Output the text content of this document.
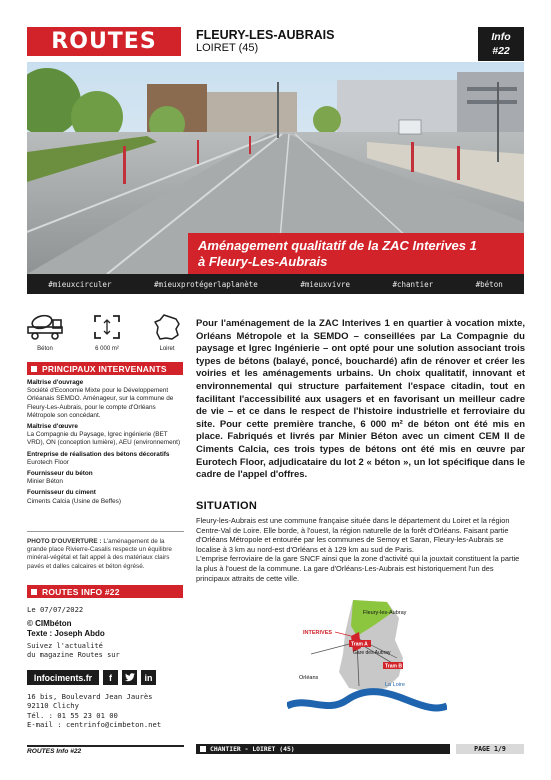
ROUTES	FLEURY-LES-AUBRAIS
LOIRET (45)
Info
#22
Aménagement qualitatif de la ZAC Interives 1
à Fleury-Les-Aubrais
#mieuxcirculer	#mieuxprotégerlaplanète	#mieuxvivre	#chantier	#béton
Béton	6 000 m²	Loiret
PRINCIPAUX INTERVENANTS
Maîtrise d'ouvrage
Société d'Economie Mixte pour le Développement Orléanais SEMDO. Aménageur, sur la commune de Fleury-Les-Aubrais, pour le compte d'Orléans Métropole son concédant.
Maîtrise d'œuvre
La Compagnie du Paysage, Igrec ingénierie (BET VRD), ON (conception lumière), AEU (environnement)
Entreprise de réalisation des bétons décoratifs
Eurotech Floor
Fournisseur du béton
Minier Béton
Fournisseur du ciment
Ciments Calcia (Usine de Beffes)
PHOTO D'OUVERTURE : L'aménagement de la grande place Rivierre-Casalis respecte un équilibre minéral-végétal et fait appel à des matériaux clairs pavés et dalles calcaires et béton égrésé.
ROUTES INFO #22
Le 07/07/2022
© CIMbéton
Texte : Joseph Abdo
Suivez l'actualité
du magazine Routes sur
Infociments.fr	f	in
16 bis, Boulevard Jean Jaurès
92110 Clichy
Tél. : 01 55 23 01 00
E-mail : centrinfo@cimbeton.net
Pour l'aménagement de la ZAC Interives 1 en quartier à vocation mixte, Orléans Métropole et la SEMDO – conseillées par La Compagnie du paysage et Igrec Ingénierie – ont opté pour une solution associant trois types de bétons (balayé, poncé, bouchardé) afin de rénover et créer les voiries et les aménagements urbains. Un choix qualitatif, innovant et environnemental qui structure parfaitement l'espace citadin, tout en facilitant l'accessibilité aux usagers et en favorisant un meilleur cadre de vie – et ce dans le respect de l'histoire industrielle et ferroviaire du site. Pour cette première tranche, 6 000 m² de béton ont été mis en place. Fabriqués et livrés par Minier Béton avec un ciment CEM II de Ciments Calcia, ces trois types de bétons ont été mis en œuvre par Eurotech Floor, adjudicataire du lot 2 « béton », un lot spécifique dans le cadre de l'appel d'offres.
SITUATION

Fleury-les-Aubrais est une commune française située dans le département du Loiret et la région Centre-Val de Loire. Elle borde, à l'ouest, la région naturelle de la forêt d'Orléans. Faisant partie d'Orléans Métropole et entourée par les communes de Semoy et Saran, Fleury-les-Aubrais se localise à 3 km au nord-est d'Orléans et à 129 km au sud de Paris.

L'emprise ferroviaire de la gare SNCF ainsi que la zone d'activité qui la jouxtait constituent la partie la plus à l'ouest de la commune. La gare d'Orléans-Les-Aubrais est historiquement l'un des principaux attraits de cette ville.

Fleury-les-Aubray
INTERIVES
Tram A
Gare des Aubray
Tram B
Orléans
La Loire
ROUTES Info #22	CHANTIER - LOIRET (45)	PAGE 1/9
